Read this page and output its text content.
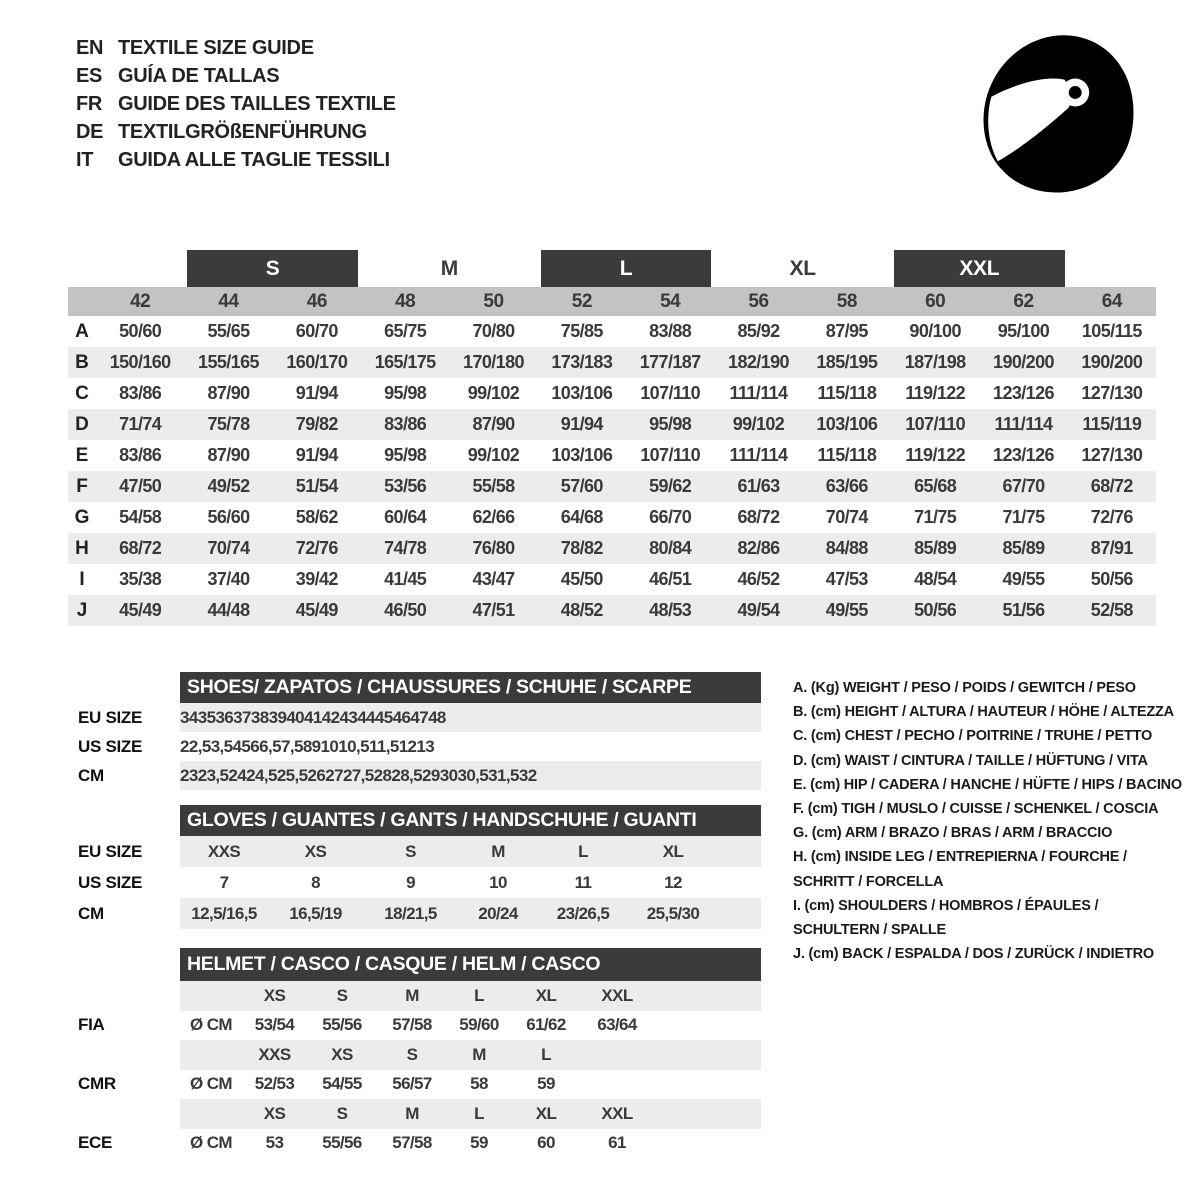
EN TEXTILE SIZE GUIDE
ES GUÍA DE TALLAS
FR GUIDE DES TAILLES TEXTILE
DE TEXTILGRÖßENFÜHRUNG
IT	GUIDA ALLE TAGLIE TESSILI
S	M	L	XL	XXL
42	44	46	48	50	52	54	56	58	60	62	64
A	50/60	55/65	60/70	65/75	70/80	75/85	83/88	85/92	87/95	90/100	95/100	105/115
B	150/160	155/165	160/170	165/175	170/180	173/183	177/187	182/190	185/195	187/198	190/200	190/200
C	83/86	87/90	91/94	95/98	99/102	103/106	107/110	111/114	115/118	119/122	123/126	127/130
D	71/74	75/78	79/82	83/86	87/90	91/94	95/98	99/102	103/106	107/110	111/114	115/119
E	83/86	87/90	91/94	95/98	99/102	103/106	107/110	111/114	115/118	119/122	123/126	127/130
F	47/50	49/52	51/54	53/56	55/58	57/60	59/62	61/63	63/66	65/68	67/70	68/72
G	54/58	56/60	58/62	60/64	62/66	64/68	66/70	68/72	70/74	71/75	71/75	72/76
H	68/72	70/74	72/76	74/78	76/80	78/82	80/84	82/86	84/88	85/89	85/89	87/91
I	35/38	37/40	39/42	41/45	43/47	45/50	46/51	46/52	47/53	48/54	49/55	50/56
J	45/49	44/48	45/49	46/50	47/51	48/52	48/53	49/54	49/55	50/56	51/56	52/58
A. (Kg) WEIGHT / PESO / POIDS / GEWITCH / PESO
B. (cm) HEIGHT / ALTURA / HAUTEUR / HÖHE / ALTEZZA
C. (cm) CHEST / PECHO / POITRINE / TRUHE / PETTO
D. (cm) WAIST / CINTURA / TAILLE / HÜFTUNG / VITA
E. (cm) HIP / CADERA / HANCHE / HÜFTE / HIPS / BACINO
F. (cm) TIGH / MUSLO / CUISSE / SCHENKEL / COSCIA
G. (cm) ARM / BRAZO / BRAS / ARM / BRACCIO
H. (cm) INSIDE LEG / ENTREPIERNA / FOURCHE / SCHRITT / FORCELLA
I. (cm) SHOULDERS / HOMBROS / ÉPAULES / SCHULTERN / SPALLE
J. (cm) BACK / ESPALDA / DOS / ZURÜCK / INDIETRO
SHOES/ ZAPATOS / CHAUSSURES / SCHUHE / SCARPE
EU SIZE	34 35 36 37 38 39 40 41 42 43 44 45 46 47 48
US SIZE	2 2,5 3,5 4 5 6 6,5 7,5 8 9 10 10,5 11,5 12 13
CM	23 23,5 24 24,5 25,5 26 27 27,5 28 28,5 29 30 30,5 31,5 32
GLOVES / GUANTES / GANTS / HANDSCHUHE / GUANTI
EU SIZE	XXS	XS	S	M	L	XL
US SIZE	7	8	9	10	11	12
CM	12,5/16,5	16,5/19	18/21,5	20/24	23/26,5	25,5/30
HELMET / CASCO / CASQUE / HELM / CASCO
XS	S	M	L	XL	XXL
FIA	Ø CM	53/54	55/56	57/58	59/60	61/62	63/64
XXS	XS	S	M	L
CMR	Ø CM	52/53	54/55	56/57	58	59
XS	S	M	L	XL	XXL
ECE	Ø CM	53	55/56	57/58	59	60	61
